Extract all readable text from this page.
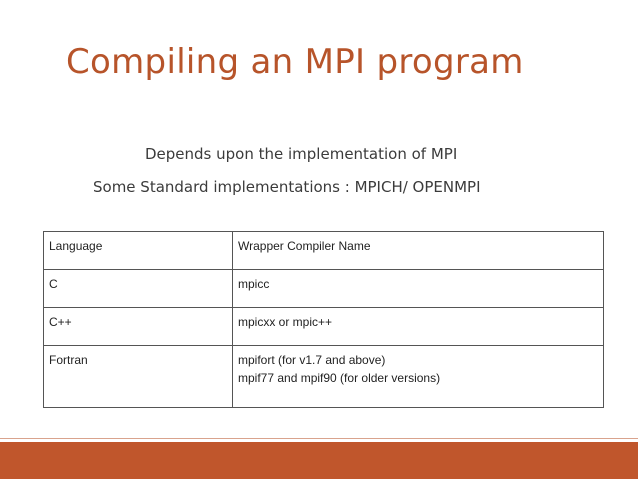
Compiling an MPI program

Depends upon the implementation of MPI

Some Standard implementations : MPICH/ OPENMPI

Language	Wrapper Compiler Name
C	mpicc
C++	mpicxx or mpic++
Fortran	mpifort (for v1.7 and above)
mpif77 and mpif90 (for older versions)
